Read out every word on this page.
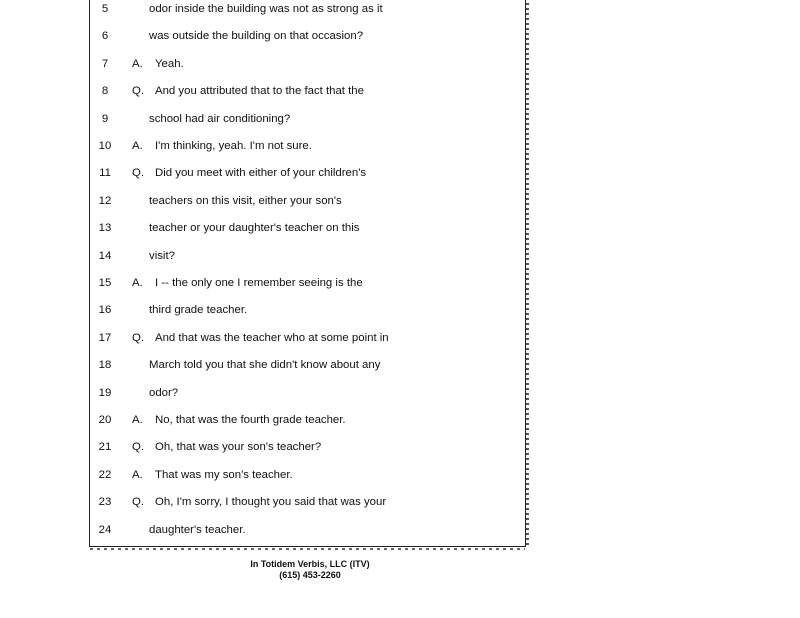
5	odor inside the building was not as strong as it
6	was outside the building on that occasion?
7	A.	Yeah.
8	Q. And you attributed that to the fact that the
9	school had air conditioning?
10	A.	I'm thinking, yeah. I'm not sure.
11	Q. Did you meet with either of your children's
12	teachers on this visit, either your son's
13	teacher or your daughter's teacher on this
14	visit?
15	A.	I -- the only one I remember seeing is the
16	third grade teacher.
17	Q. And that was the teacher who at some point in
18	March told you that she didn't know about any
19	odor?
20	A.	No, that was the fourth grade teacher.
21	Q. Oh, that was your son's teacher?
22	A.	That was my son's teacher.
23	Q. Oh, I'm sorry, I thought you said that was your
24	daughter's teacher.
In Totidem Verbis, LLC (ITV)
(615) 453-2260
